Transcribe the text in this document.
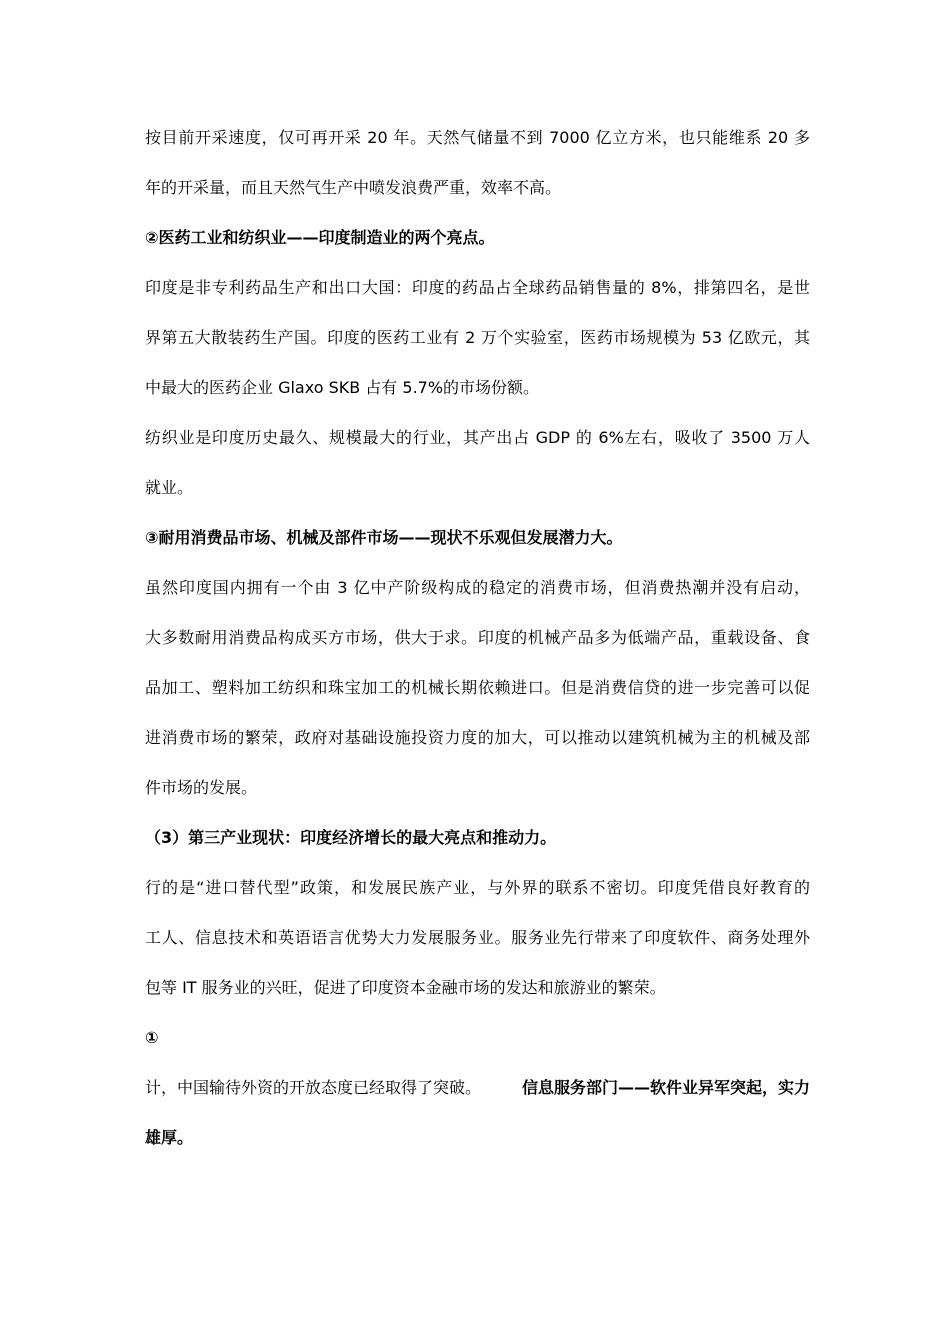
按目前开采速度，仅可再开采 20 年。天然气储量不到 7000 亿立方米，也只能维系 20 多
年的开采量，而且天然气生产中喷发浪费严重，效率不高。
②医药工业和纺织业——印度制造业的两个亮点。
印度是非专利药品生产和出口大国：印度的药品占全球药品销售量的 8%，排第四名，是世
界第五大散装药生产国。印度的医药工业有 2 万个实验室，医药市场规模为 53 亿欧元，其
中最大的医药企业 Glaxo SKB 占有 5.7%的市场份额。
纺织业是印度历史最久、规模最大的行业，其产出占 GDP 的 6%左右，吸收了 3500 万人
就业。
③耐用消费品市场、机械及部件市场——现状不乐观但发展潜力大。
虽然印度国内拥有一个由 3 亿中产阶级构成的稳定的消费市场，但消费热潮并没有启动，
大多数耐用消费品构成买方市场，供大于求。印度的机械产品多为低端产品，重载设备、食
品加工、塑料加工纺织和珠宝加工的机械长期依赖进口。但是消费信贷的进一步完善可以促
进消费市场的繁荣，政府对基础设施投资力度的加大，可以推动以建筑机械为主的机械及部
件市场的发展。
（3）第三产业现状：印度经济增长的最大亮点和推动力。
行的是“进口替代型”政策，和发展民族产业，与外界的联系不密切。印度凭借良好教育的
工人、信息技术和英语语言优势大力发展服务业。服务业先行带来了印度软件、商务处理外
包等 IT 服务业的兴旺，促进了印度资本金融市场的发达和旅游业的繁荣。
①
计，中国输待外资的开放态度已经取得了突破。	信息服务部门——软件业异军突起，实力
雄厚。
